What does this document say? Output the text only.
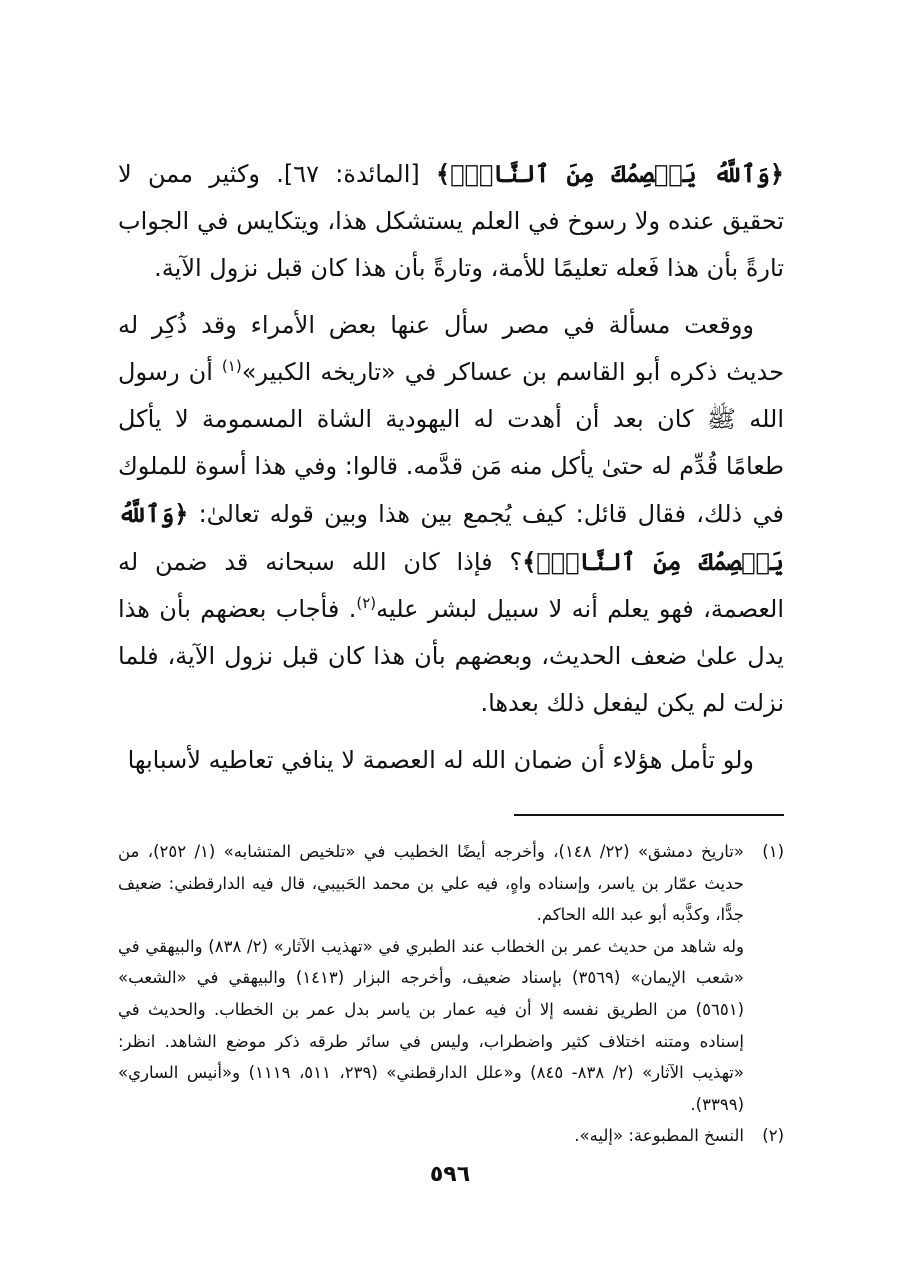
﴿وَٱللَّهُ يَعۡصِمُكَ مِنَ ٱلنَّاسِۗ﴾ [المائدة: ٦٧]. وكثير ممن لا تحقيق عنده ولا رسوخ في العلم يستشكل هذا، ويتكايس في الجواب تارةً بأن هذا فَعله تعليمًا للأمة، وتارةً بأن هذا كان قبل نزول الآية.

ووقعت مسألة في مصر سأل عنها بعض الأمراء وقد ذُكِر له حديث ذكره أبو القاسم بن عساكر في «تاريخه الكبير»$^{(١)}$ أن رسول الله ﷺ كان بعد أن أهدت له اليهودية الشاة المسمومة لا يأكل طعامًا قُدِّم له حتىٰ يأكل منه مَن قدَّمه. قالوا: وفي هذا أسوة للملوك في ذلك، فقال قائل: كيف يُجمع بين هذا وبين قوله تعالىٰ: ﴿وَٱللَّهُ يَعۡصِمُكَ مِنَ ٱلنَّاسِۗ﴾؟ فإذا كان الله سبحانه قد ضمن له العصمة، فهو يعلم أنه لا سبيل لبشر عليه$^{(٢)}$. فأجاب بعضهم بأن هذا يدل علىٰ ضعف الحديث، وبعضهم بأن هذا كان قبل نزول الآية، فلما نزلت لم يكن ليفعل ذلك بعدها.

ولو تأمل هؤلاء أن ضمان الله له العصمة لا ينافي تعاطيه لأسبابها

(١)

«تاريخ دمشق» (٢٢/ ١٤٨)، وأخرجه أيضًا الخطيب في «تلخيص المتشابه» (١/ ٢٥٢)، من حديث عمّار بن ياسر، وإسناده واهٍ، فيه علي بن محمد الحَبيبي، قال فيه الدارقطني: ضعيف جدًّا، وكذَّبه أبو عبد الله الحاكم.

وله شاهد من حديث عمر بن الخطاب عند الطبري في «تهذيب الآثار» (٢/ ٨٣٨) والبيهقي في «شعب الإيمان» (٣٥٦٩) بإسناد ضعيف، وأخرجه البزار (١٤١٣) والبيهقي في «الشعب» (٥٦٥١) من الطريق نفسه إلا أن فيه عمار بن ياسر بدل عمر بن الخطاب. والحديث في إسناده ومتنه اختلاف كثير واضطراب، وليس في سائر طرقه ذكر موضع الشاهد. انظر: «تهذيب الآثار» (٢/ ٨٣٨- ٨٤٥) و«علل الدارقطني» (٢٣٩، ٥١١، ١١١٩) و«أنيس الساري» (٣٣٩٩).

(٢)

النسخ المطبوعة: «إليه».

٥٩٦
